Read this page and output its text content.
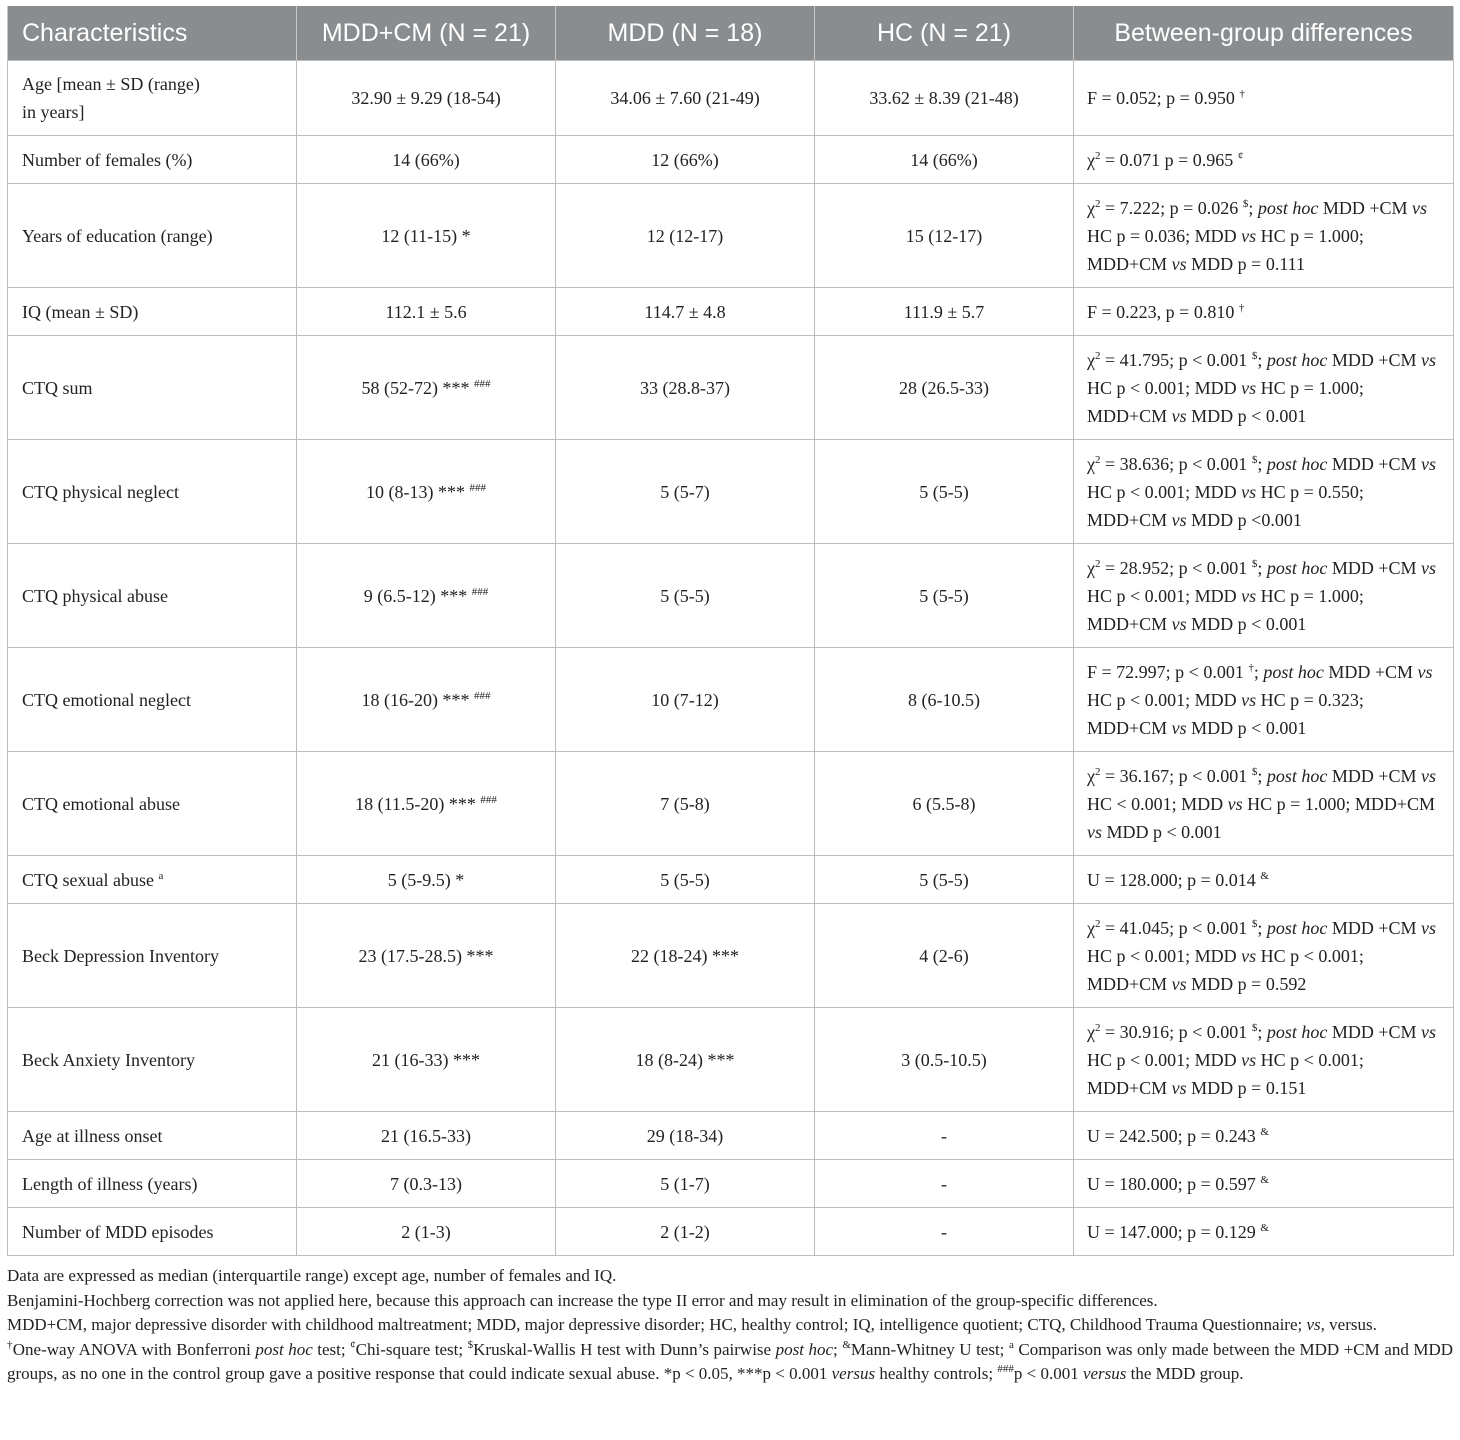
Characteristics	MDD+CM (N = 21)	MDD (N = 18)	HC (N = 21)	Between-group differences
Age [mean ± SD (range)
in years]	32.90 ± 9.29 (18-54)	34.06 ± 7.60 (21-49)	33.62 ± 8.39 (21-48)	F = 0.052; p = 0.950 †
Number of females (%)	14 (66%)	12 (66%)	14 (66%)	$\chi^2 = 0.071$ p = 0.965 ¢
Years of education (range)	12 (11-15) *	12 (12-17)	15 (12-17)	$\chi^2 = 7.222$; p = 0.026 $; post hoc MDD +CM vs HC p = 0.036; MDD vs HC p = 1.000; MDD+CM vs MDD p = 0.111
IQ (mean ± SD)	112.1 ± 5.6	114.7 ± 4.8	111.9 ± 5.7	F = 0.223, p = 0.810 †
CTQ sum	58 (52-72) *** ###	33 (28.8-37)	28 (26.5-33)	$\chi^2 = 41.795$; p < 0.001 $; post hoc MDD +CM vs HC p < 0.001; MDD vs HC p = 1.000; MDD+CM vs MDD p < 0.001
CTQ physical neglect	10 (8-13) *** ###	5 (5-7)	5 (5-5)	$\chi^2 = 38.636$; p < 0.001 $; post hoc MDD +CM vs HC p < 0.001; MDD vs HC p = 0.550; MDD+CM vs MDD p <0.001
CTQ physical abuse	9 (6.5-12) *** ###	5 (5-5)	5 (5-5)	$\chi^2 = 28.952$; p < 0.001 $; post hoc MDD +CM vs HC p < 0.001; MDD vs HC p = 1.000; MDD+CM vs MDD p < 0.001
CTQ emotional neglect	18 (16-20) *** ###	10 (7-12)	8 (6-10.5)	F = 72.997; p < 0.001 †; post hoc MDD +CM vs HC p < 0.001; MDD vs HC p = 0.323; MDD+CM vs MDD p < 0.001
CTQ emotional abuse	18 (11.5-20) *** ###	7 (5-8)	6 (5.5-8)	$\chi^2 = 36.167$; p < 0.001 $; post hoc MDD +CM vs HC < 0.001; MDD vs HC p = 1.000; MDD+CM vs MDD p < 0.001
CTQ sexual abuse $^a$	5 (5-9.5) *	5 (5-5)	5 (5-5)	U = 128.000; p = 0.014 &
Beck Depression Inventory	23 (17.5-28.5) ***	22 (18-24) ***	4 (2-6)	$\chi^2 = 41.045$; p < 0.001 $; post hoc MDD +CM vs HC p < 0.001; MDD vs HC p < 0.001; MDD+CM vs MDD p = 0.592
Beck Anxiety Inventory	21 (16-33) ***	18 (8-24) ***	3 (0.5-10.5)	$\chi^2 = 30.916$; p < 0.001 $; post hoc MDD +CM vs HC p < 0.001; MDD vs HC p < 0.001; MDD+CM vs MDD p = 0.151
Age at illness onset	21 (16.5-33)	29 (18-34)	-	U = 242.500; p = 0.243 &
Length of illness (years)	7 (0.3-13)	5 (1-7)	-	U = 180.000; p = 0.597 &
Number of MDD episodes	2 (1-3)	2 (1-2)	-	U = 147.000; p = 0.129 &

Data are expressed as median (interquartile range) except age, number of females and IQ.

Benjamini-Hochberg correction was not applied here, because this approach can increase the type II error and may result in elimination of the group-specific differences.

MDD+CM, major depressive disorder with childhood maltreatment; MDD, major depressive disorder; HC, healthy control; IQ, intelligence quotient; CTQ, Childhood Trauma Questionnaire; vs, versus.

†One-way ANOVA with Bonferroni post hoc test; ¢Chi-square test; $Kruskal-Wallis H test with Dunn’s pairwise post hoc; &Mann-Whitney U test; $^a$ Comparison was only made between the MDD +CM and MDD groups, as no one in the control group gave a positive response that could indicate sexual abuse. *p < 0.05, ***p < 0.001 versus healthy controls; ###p < 0.001 versus the MDD group.
